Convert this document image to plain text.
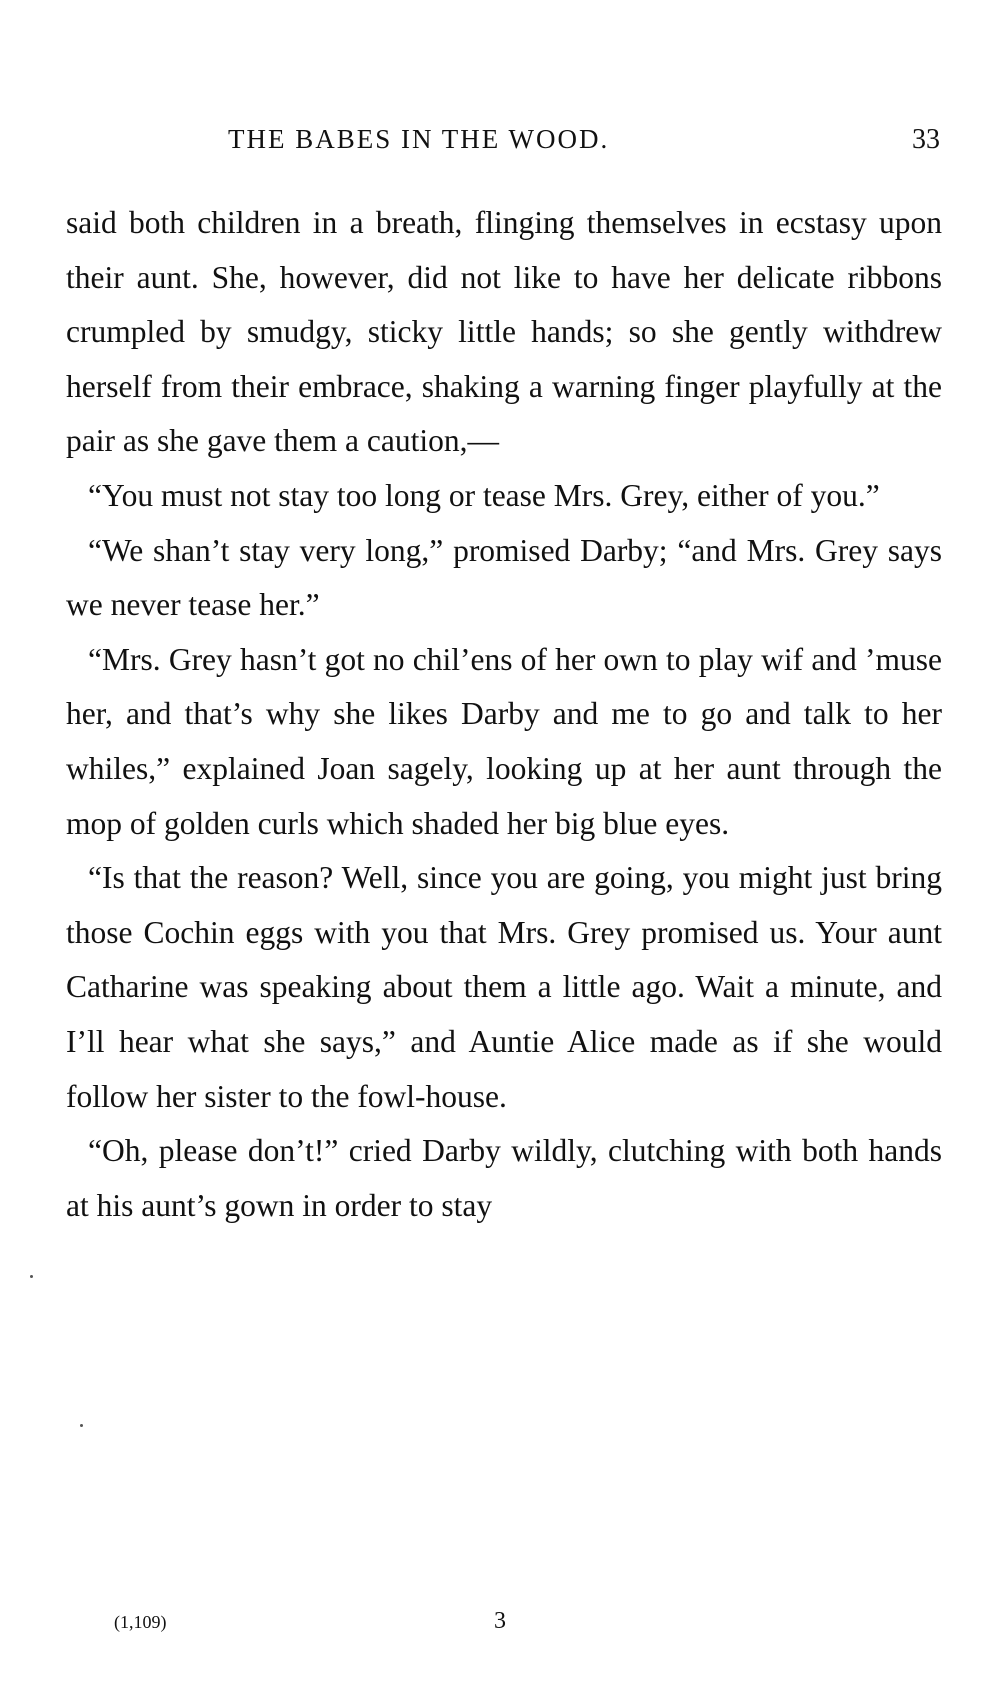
THE BABES IN THE WOOD.	33

said both children in a breath, flinging themselves in ecstasy upon their aunt. She, however, did not like to have her delicate ribbons crumpled by smudgy, sticky little hands; so she gently withdrew herself from their embrace, shaking a warning finger playfully at the pair as she gave them a caution,—

“You must not stay too long or tease Mrs. Grey, either of you.”

“We shan’t stay very long,” promised Darby; “and Mrs. Grey says we never tease her.”

“Mrs. Grey hasn’t got no chil’ens of her own to play wif and ’muse her, and that’s why she likes Darby and me to go and talk to her whiles,” explained Joan sagely, looking up at her aunt through the mop of golden curls which shaded her big blue eyes.

“Is that the reason? Well, since you are going, you might just bring those Cochin eggs with you that Mrs. Grey promised us. Your aunt Catharine was speaking about them a little ago. Wait a minute, and I’ll hear what she says,” and Auntie Alice made as if she would follow her sister to the fowl-house.

“Oh, please don’t!” cried Darby wildly, clutching with both hands at his aunt’s gown in order to stay

(1,109)	3
